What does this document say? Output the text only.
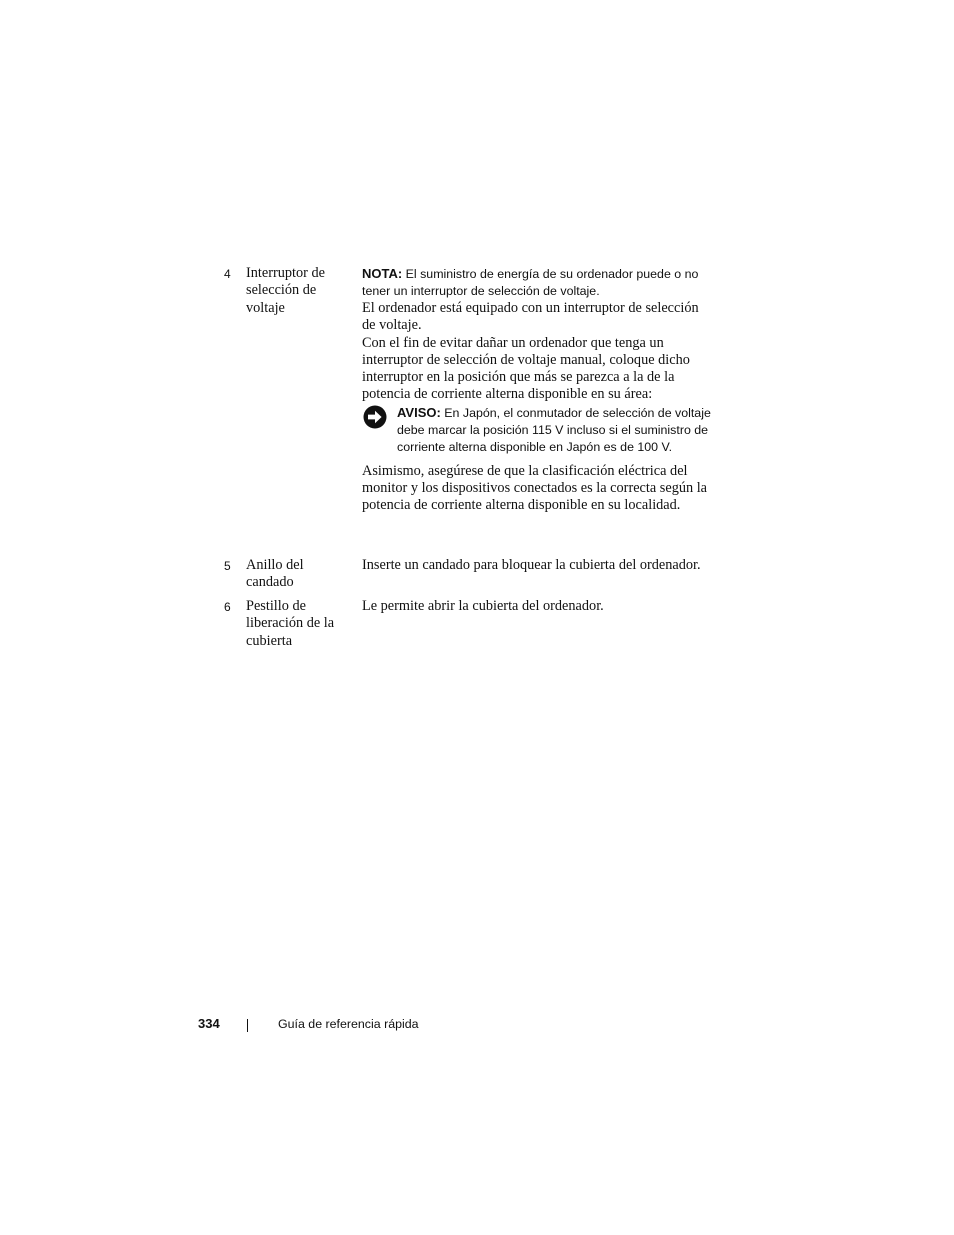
4 Interruptor de selección de voltaje

NOTA: El suministro de energía de su ordenador puede o no tener un interruptor de selección de voltaje.

El ordenador está equipado con un interruptor de selección de voltaje.

Con el fin de evitar dañar un ordenador que tenga un interruptor de selección de voltaje manual, coloque dicho interruptor en la posición que más se parezca a la de la potencia de corriente alterna disponible en su área:

AVISO: En Japón, el conmutador de selección de voltaje debe marcar la posición 115 V incluso si el suministro de corriente alterna disponible en Japón es de 100 V.

Asimismo, asegúrese de que la clasificación eléctrica del monitor y los dispositivos conectados es la correcta según la potencia de corriente alterna disponible en su localidad.

5 Anillo del candado
Inserte un candado para bloquear la cubierta del ordenador.
6 Pestillo de liberación de la cubierta
Le permite abrir la cubierta del ordenador.
334	Guía de referencia rápida
